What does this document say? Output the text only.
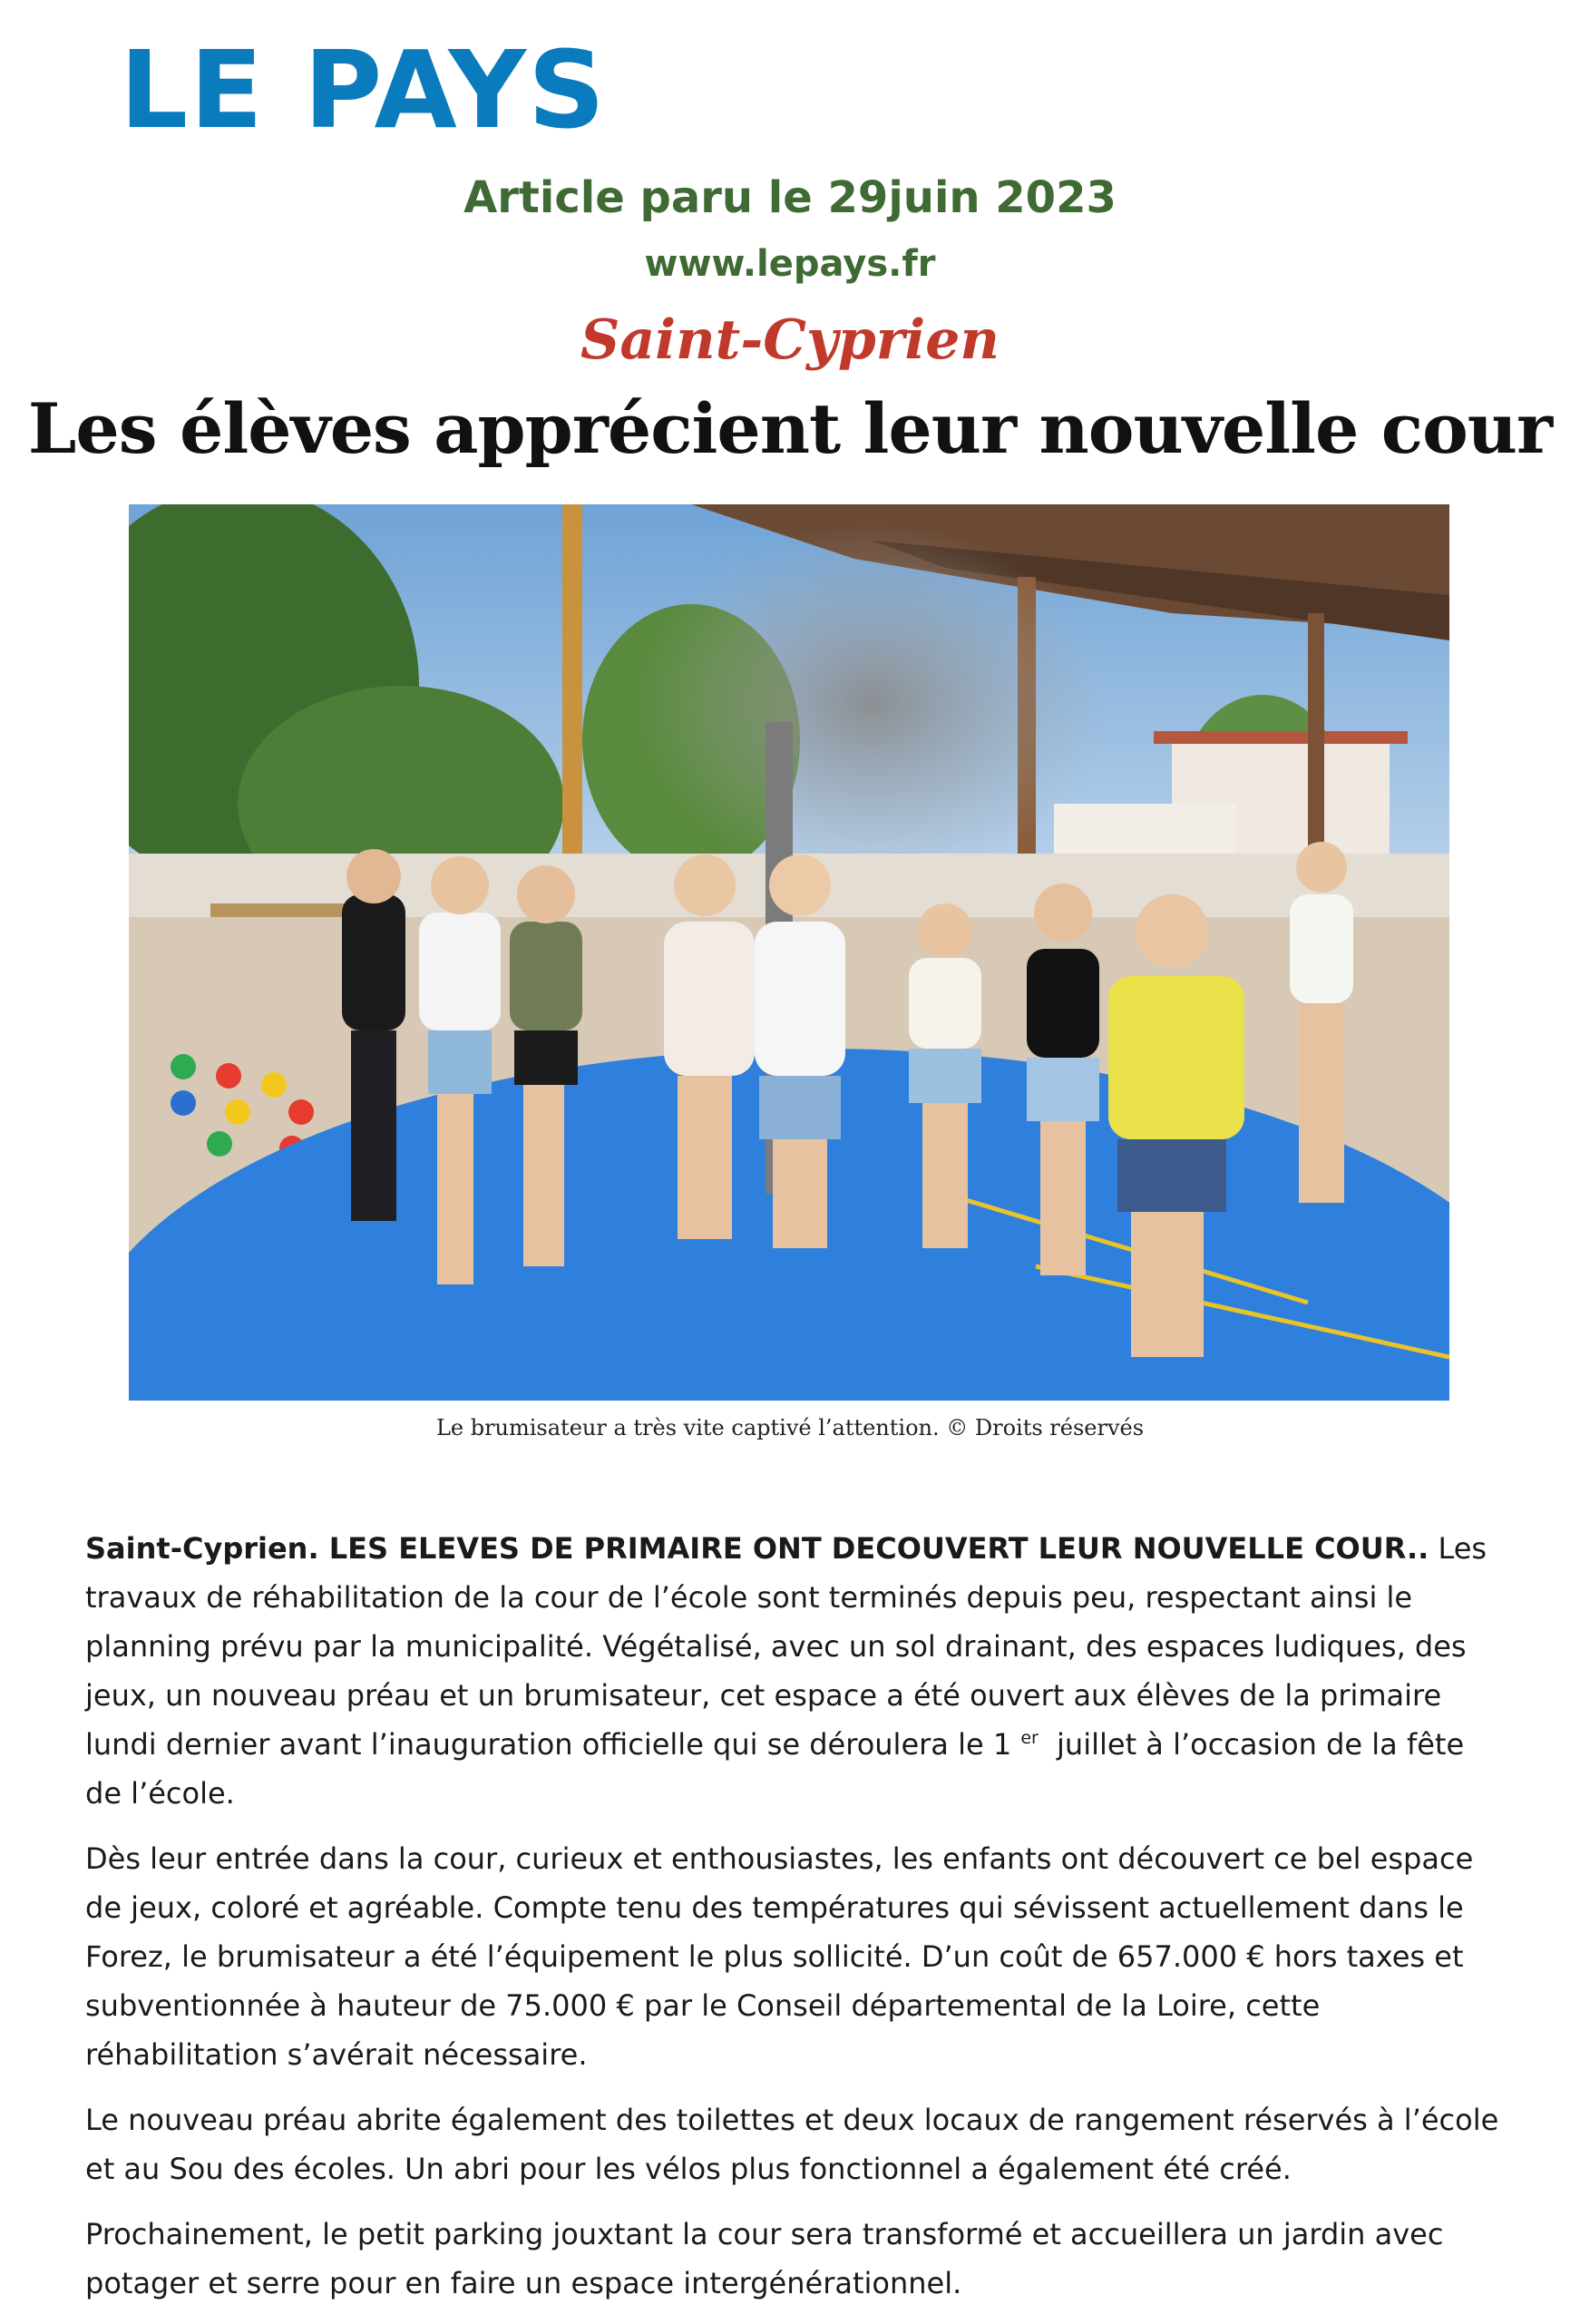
LE PAYS
Article paru le 29juin 2023
www.lepays.fr
Saint-Cyprien
Les élèves apprécient leur nouvelle cour
Le brumisateur a très vite captivé l’attention. © Droits réservés

Saint-Cyprien. LES ELEVES DE PRIMAIRE ONT DECOUVERT LEUR NOUVELLE COUR.. Les travaux de réhabilitation de la cour de l’école sont terminés depuis peu, respectant ainsi le planning prévu par la municipalité. Végétalisé, avec un sol drainant, des espaces ludiques, des jeux, un nouveau préau et un brumisateur, cet espace a été ouvert aux élèves de la primaire lundi dernier avant l’inauguration officielle qui se déroulera le 1 $^{er}$ juillet à l’occasion de la fête de l’école.

Dès leur entrée dans la cour, curieux et enthousiastes, les enfants ont découvert ce bel espace de jeux, coloré et agréable. Compte tenu des températures qui sévissent actuellement dans le Forez, le brumisateur a été l’équipement le plus sollicité. D’un coût de 657.000 € hors taxes et subventionnée à hauteur de 75.000 € par le Conseil départemental de la Loire, cette réhabilitation s’avérait nécessaire.

Le nouveau préau abrite également des toilettes et deux locaux de rangement réservés à l’école et au Sou des écoles. Un abri pour les vélos plus fonctionnel a également été créé.

Prochainement, le petit parking jouxtant la cour sera transformé et accueillera un jardin avec potager et serre pour en faire un espace intergénérationnel.
